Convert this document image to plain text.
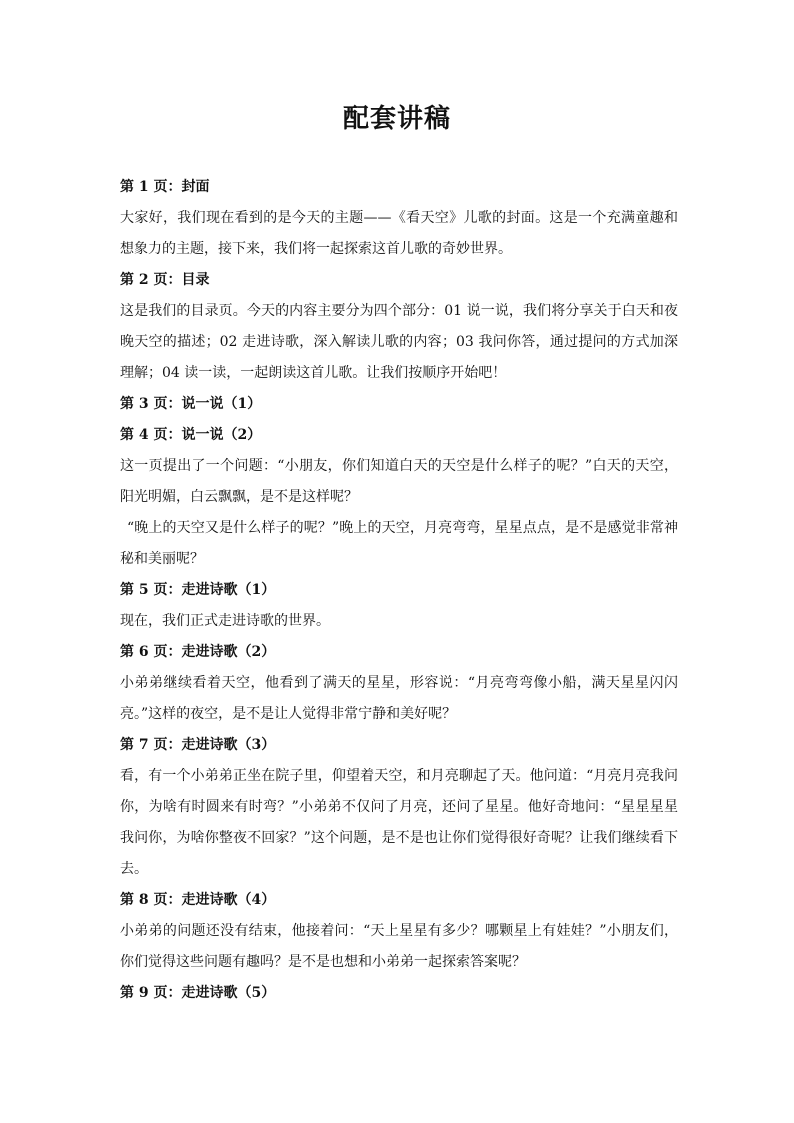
配套讲稿

第 1 页：封面

大家好，我们现在看到的是今天的主题——《看天空》儿歌的封面。这是一个充满童趣和想象力的主题，接下来，我们将一起探索这首儿歌的奇妙世界。

第 2 页：目录

这是我们的目录页。今天的内容主要分为四个部分：01 说一说，我们将分享关于白天和夜晚天空的描述；02 走进诗歌，深入解读儿歌的内容；03 我问你答，通过提问的方式加深理解；04 读一读，一起朗读这首儿歌。让我们按顺序开始吧！

第 3 页：说一说（1）

第 4 页：说一说（2）

这一页提出了一个问题：“小朋友，你们知道白天的天空是什么样子的呢？”白天的天空，阳光明媚，白云飘飘，是不是这样呢？

“晚上的天空又是什么样子的呢？”晚上的天空，月亮弯弯，星星点点，是不是感觉非常神秘和美丽呢？

第 5 页：走进诗歌（1）

现在，我们正式走进诗歌的世界。

第 6 页：走进诗歌（2）

小弟弟继续看着天空，他看到了满天的星星，形容说：“月亮弯弯像小船，满天星星闪闪亮。”这样的夜空，是不是让人觉得非常宁静和美好呢？

第 7 页：走进诗歌（3）

看，有一个小弟弟正坐在院子里，仰望着天空，和月亮聊起了天。他问道：“月亮月亮我问你，为啥有时圆来有时弯？”小弟弟不仅问了月亮，还问了星星。他好奇地问：“星星星星我问你，为啥你整夜不回家？”这个问题，是不是也让你们觉得很好奇呢？让我们继续看下去。

第 8 页：走进诗歌（4）

小弟弟的问题还没有结束，他接着问：“天上星星有多少？哪颗星上有娃娃？”小朋友们，你们觉得这些问题有趣吗？是不是也想和小弟弟一起探索答案呢？

第 9 页：走进诗歌（5）
